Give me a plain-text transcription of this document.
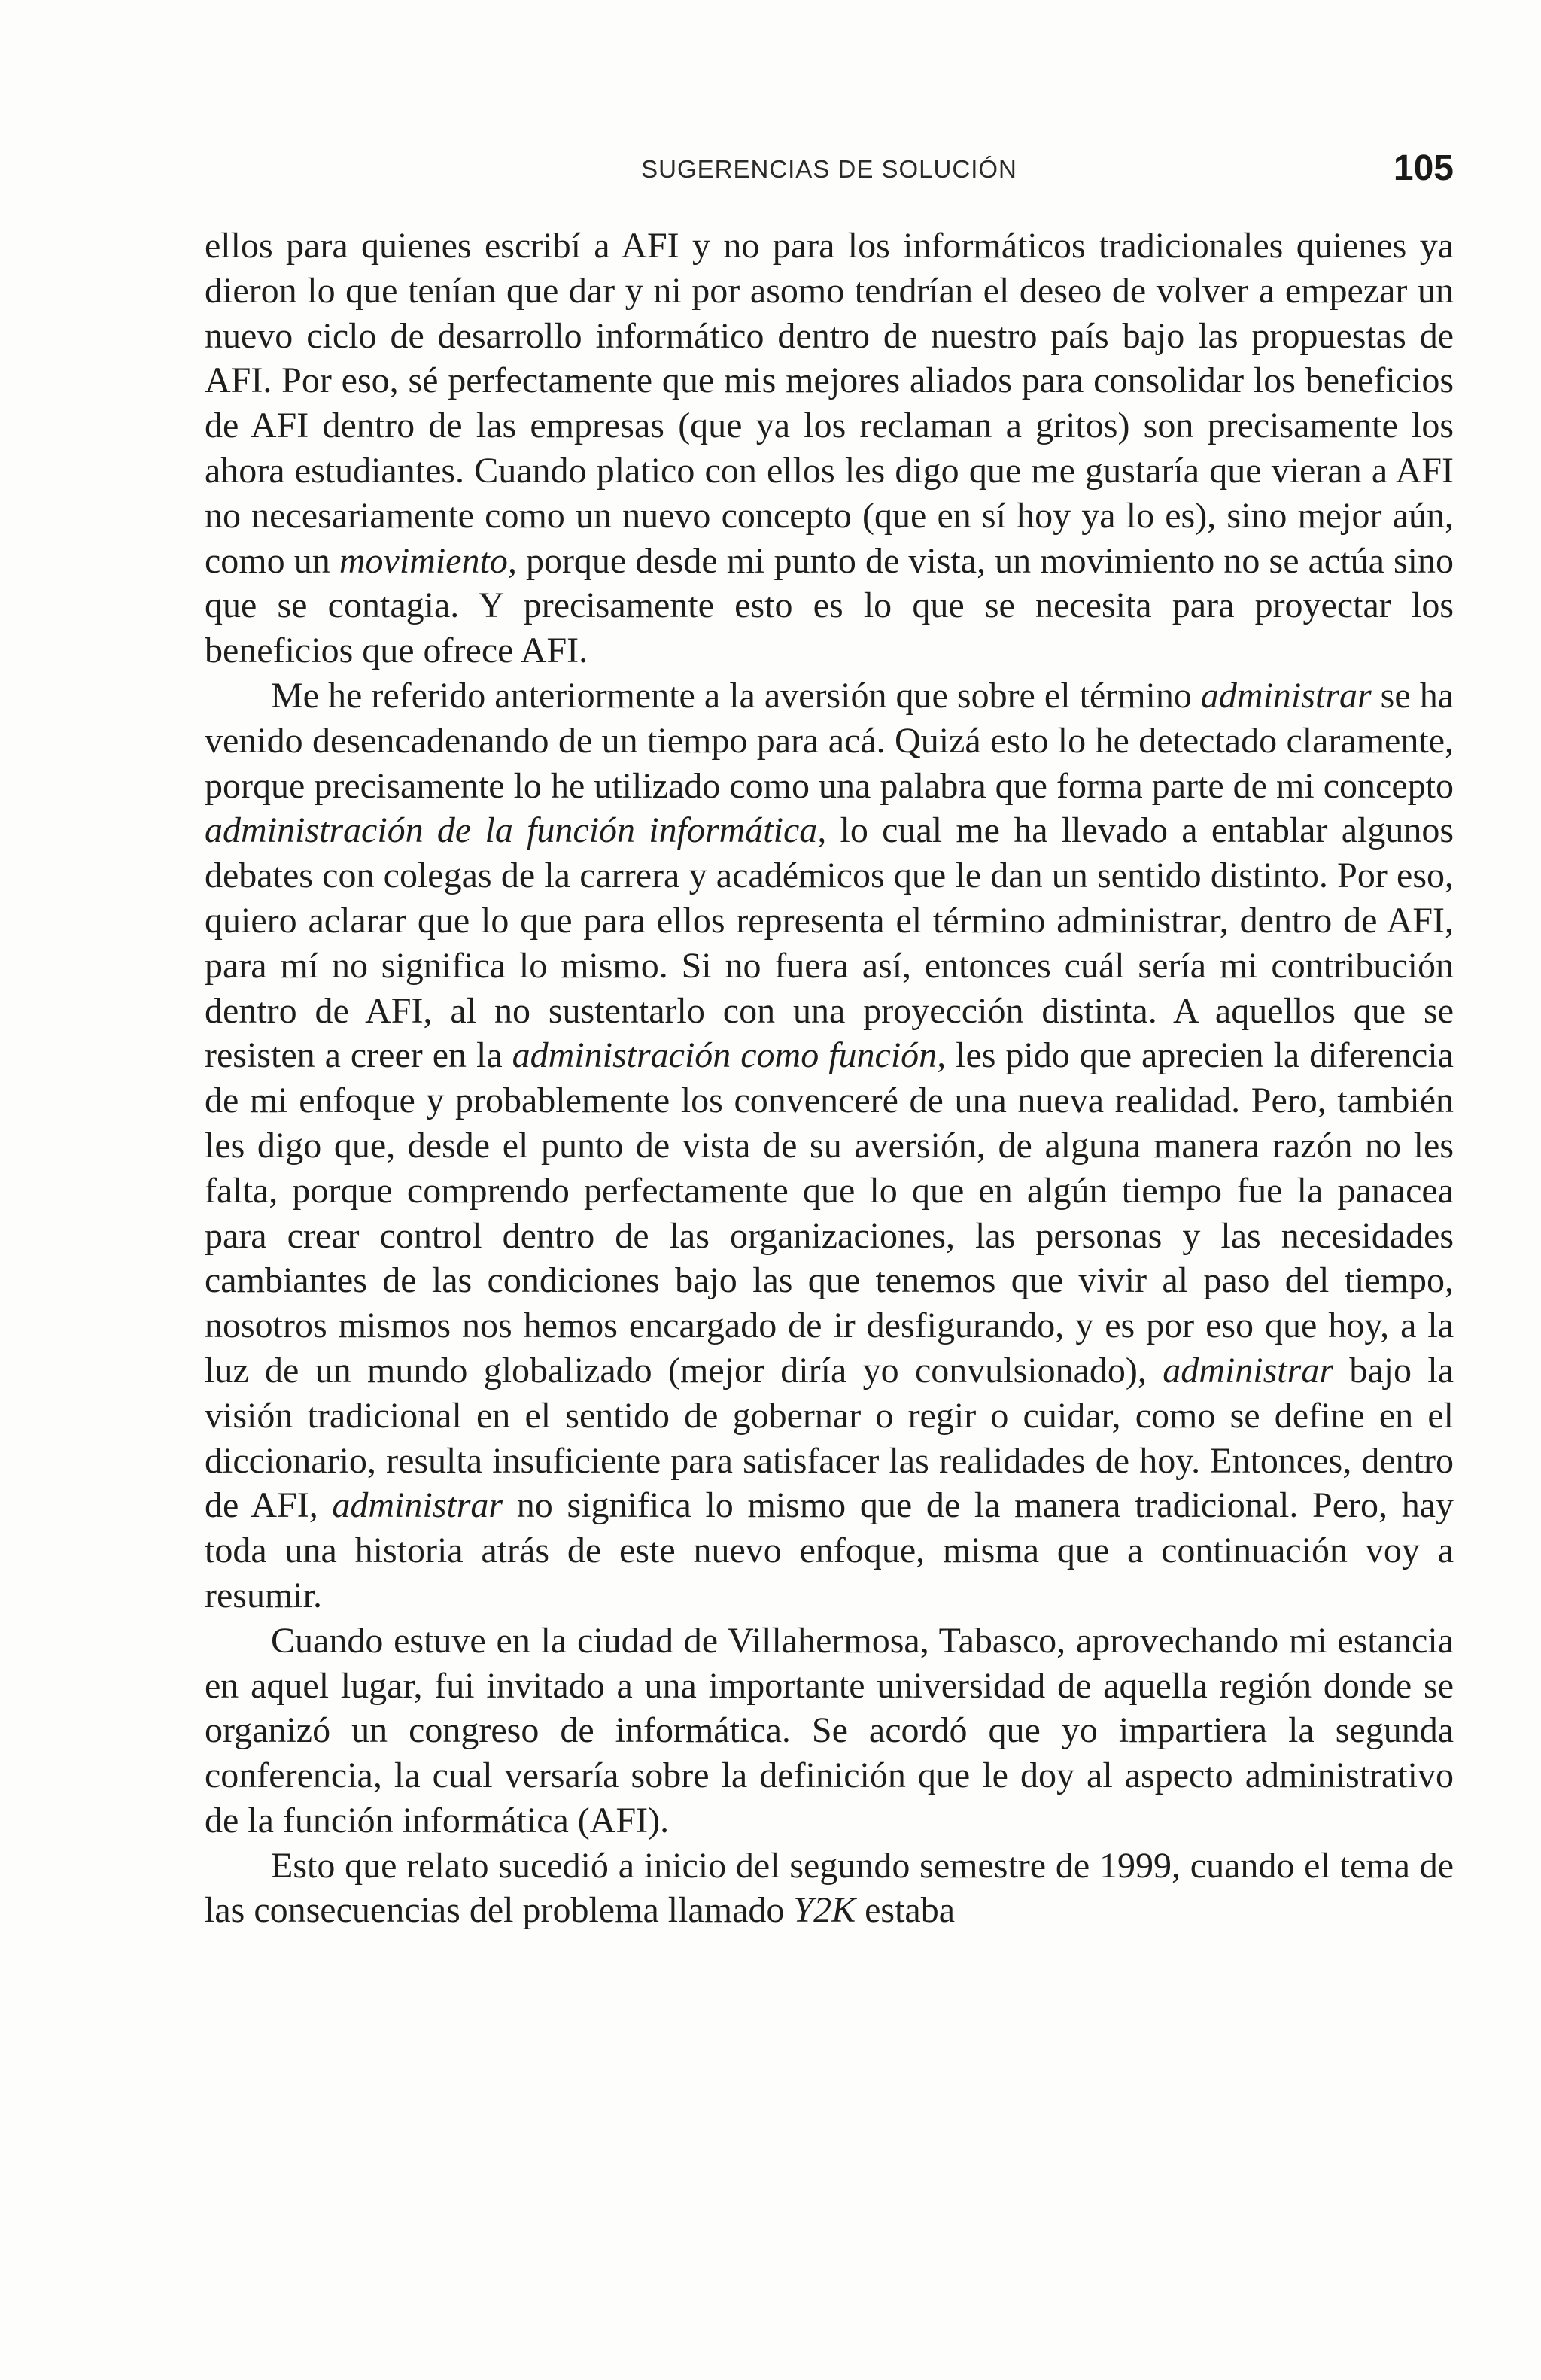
SUGERENCIAS DE SOLUCIÓN	105

ellos para quienes escribí a AFI y no para los informáticos tradicionales quienes ya dieron lo que tenían que dar y ni por asomo tendrían el deseo de volver a empezar un nuevo ciclo de desarrollo informático dentro de nuestro país bajo las propuestas de AFI. Por eso, sé perfectamente que mis mejores aliados para consolidar los beneficios de AFI dentro de las empresas (que ya los reclaman a gritos) son precisamente los ahora estudiantes. Cuando platico con ellos les digo que me gustaría que vieran a AFI no necesariamente como un nuevo concepto (que en sí hoy ya lo es), sino mejor aún, como un movimiento, porque desde mi punto de vista, un movimiento no se actúa sino que se contagia. Y precisamente esto es lo que se necesita para proyectar los beneficios que ofrece AFI.

Me he referido anteriormente a la aversión que sobre el término administrar se ha venido desencadenando de un tiempo para acá. Quizá esto lo he detectado claramente, porque precisamente lo he utilizado como una palabra que forma parte de mi concepto administración de la función informática, lo cual me ha llevado a entablar algunos debates con colegas de la carrera y académicos que le dan un sentido distinto. Por eso, quiero aclarar que lo que para ellos representa el término administrar, dentro de AFI, para mí no significa lo mismo. Si no fuera así, entonces cuál sería mi contribución dentro de AFI, al no sustentarlo con una proyección distinta. A aquellos que se resisten a creer en la administración como función, les pido que aprecien la diferencia de mi enfoque y probablemente los convenceré de una nueva realidad. Pero, también les digo que, desde el punto de vista de su aversión, de alguna manera razón no les falta, porque comprendo perfectamente que lo que en algún tiempo fue la panacea para crear control dentro de las organizaciones, las personas y las necesidades cambiantes de las condiciones bajo las que tenemos que vivir al paso del tiempo, nosotros mismos nos hemos encargado de ir desfigurando, y es por eso que hoy, a la luz de un mundo globalizado (mejor diría yo convulsionado), administrar bajo la visión tradicional en el sentido de gobernar o regir o cuidar, como se define en el diccionario, resulta insuficiente para satisfacer las realidades de hoy. Entonces, dentro de AFI, administrar no significa lo mismo que de la manera tradicional. Pero, hay toda una historia atrás de este nuevo enfoque, misma que a continuación voy a resumir.

Cuando estuve en la ciudad de Villahermosa, Tabasco, aprovechando mi estancia en aquel lugar, fui invitado a una importante universidad de aquella región donde se organizó un congreso de informática. Se acordó que yo impartiera la segunda conferencia, la cual versaría sobre la definición que le doy al aspecto administrativo de la función informática (AFI).

Esto que relato sucedió a inicio del segundo semestre de 1999, cuando el tema de las consecuencias del problema llamado Y2K estaba
